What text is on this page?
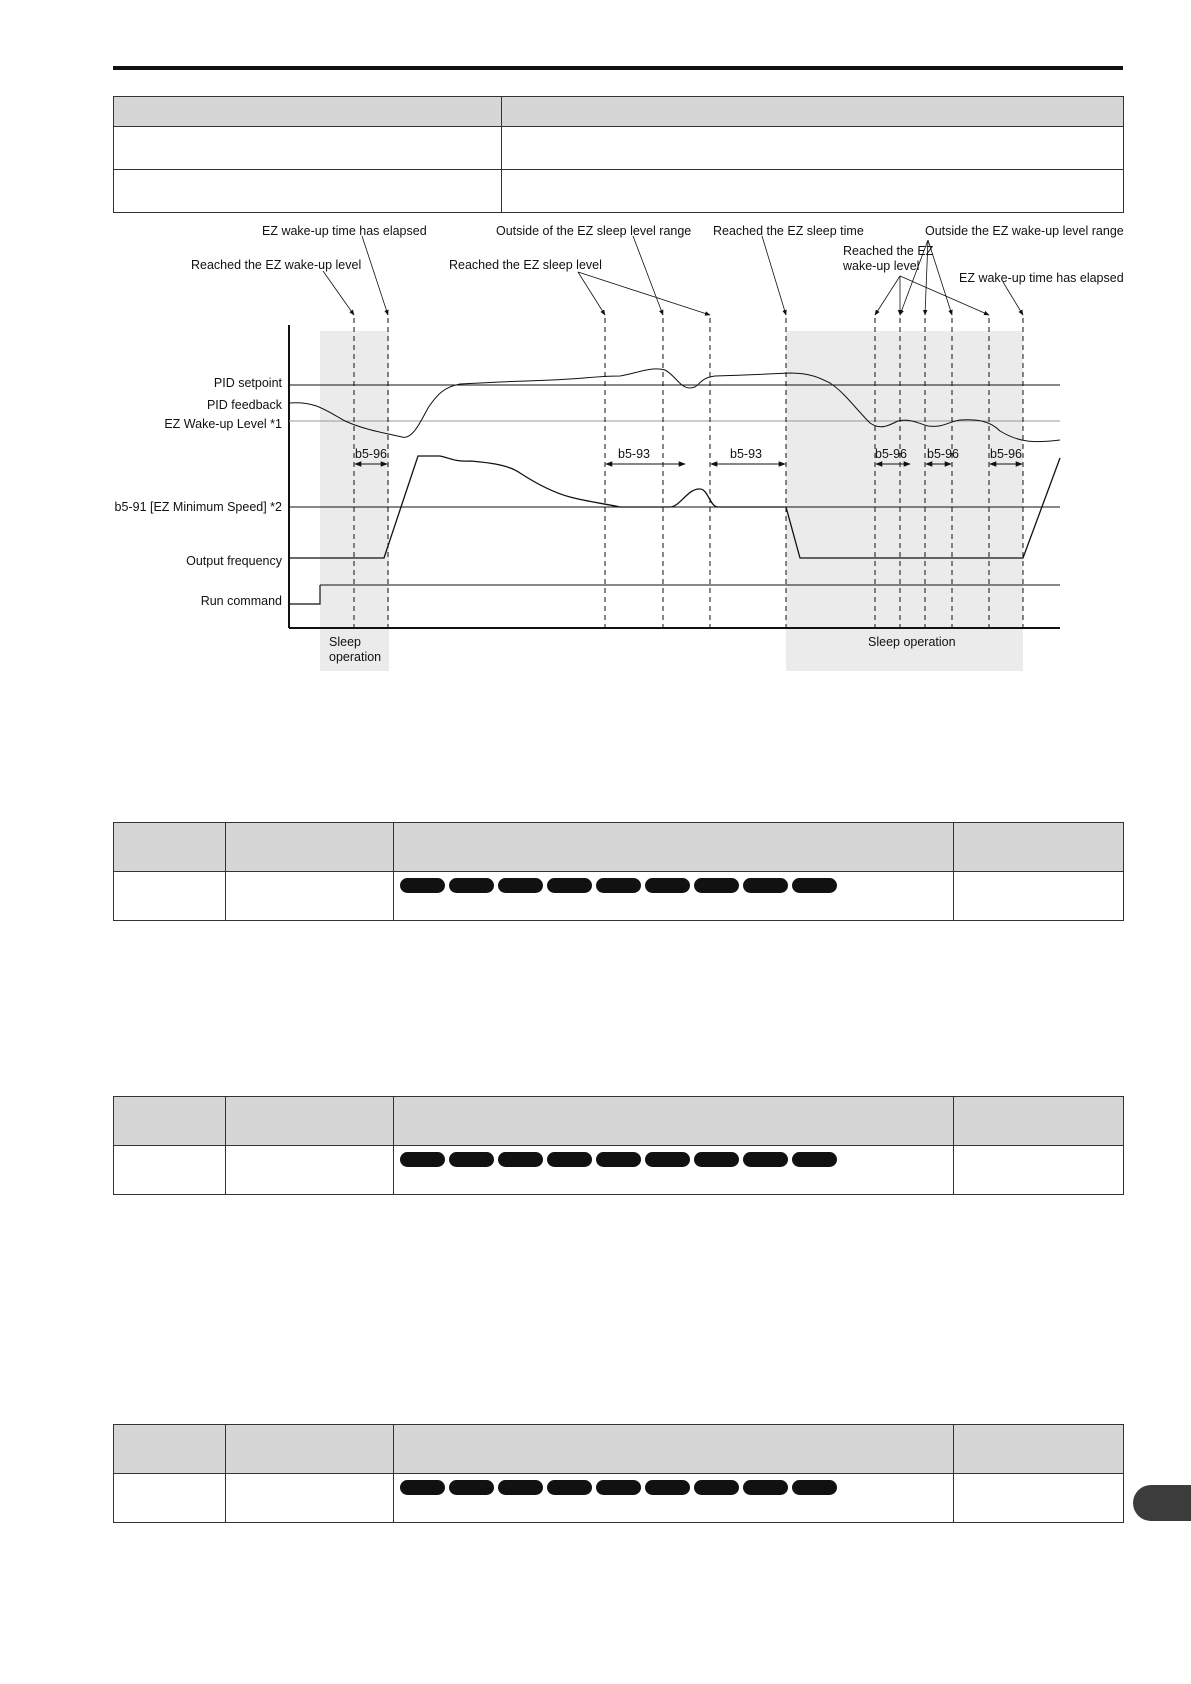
EZ wake-up time has elapsed
Reached the EZ wake-up level
Outside of the EZ sleep level range
Reached the EZ sleep level
Reached the EZ sleep time	Outside the EZ wake-up level range
Reached the EZ
wake-up level
EZ wake-up time has elapsed
PID setpoint
PID feedback
EZ Wake-up Level *1
b5-91 [EZ Minimum Speed] *2
Output frequency
Run command
b5-96	b5-93	b5-93	b5-96 b5-96 b5-96
Sleep
operation
Sleep operation
